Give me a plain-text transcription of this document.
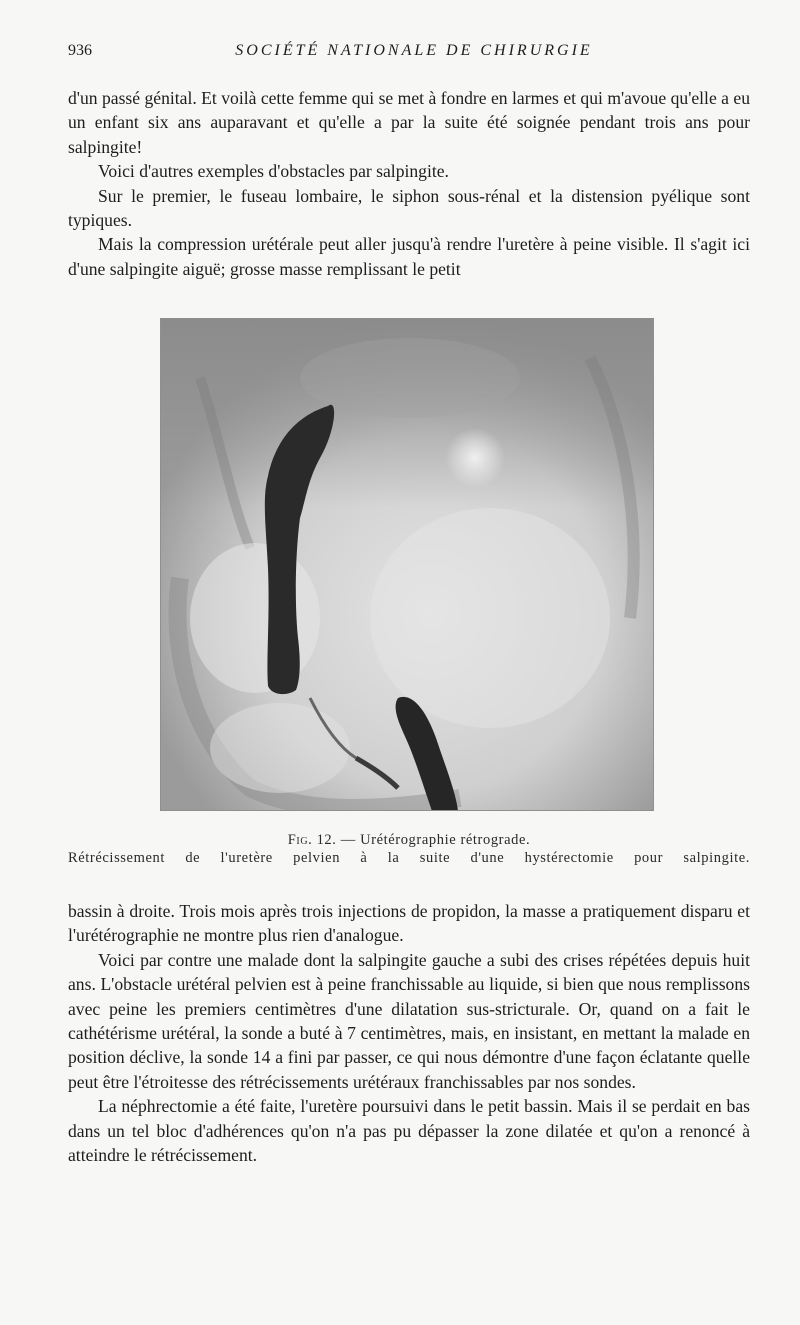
936	SOCIÉTÉ NATIONALE DE CHIRURGIE

d'un passé génital. Et voilà cette femme qui se met à fondre en larmes et qui m'avoue qu'elle a eu un enfant six ans auparavant et qu'elle a par la suite été soignée pendant trois ans pour salpingite!

Voici d'autres exemples d'obstacles par salpingite.

Sur le premier, le fuseau lombaire, le siphon sous-rénal et la distension pyélique sont typiques.

Mais la compression urétérale peut aller jusqu'à rendre l'uretère à peine visible. Il s'agit ici d'une salpingite aiguë; grosse masse remplissant le petit

Fig. 12. — Urétérographie rétrograde.
Rétrécissement de l'uretère pelvien à la suite d'une hystérectomie pour salpingite.

bassin à droite. Trois mois après trois injections de propidon, la masse a pratiquement disparu et l'urétérographie ne montre plus rien d'analogue.

Voici par contre une malade dont la salpingite gauche a subi des crises répétées depuis huit ans. L'obstacle urétéral pelvien est à peine franchissable au liquide, si bien que nous remplissons avec peine les premiers centimètres d'une dilatation sus-stricturale. Or, quand on a fait le cathétérisme urétéral, la sonde a buté à 7 centimètres, mais, en insistant, en mettant la malade en position déclive, la sonde 14 a fini par passer, ce qui nous démontre d'une façon éclatante quelle peut être l'étroitesse des rétrécissements urétéraux franchissables par nos sondes.

La néphrectomie a été faite, l'uretère poursuivi dans le petit bassin. Mais il se perdait en bas dans un tel bloc d'adhérences qu'on n'a pas pu dépasser la zone dilatée et qu'on a renoncé à atteindre le rétrécissement.
